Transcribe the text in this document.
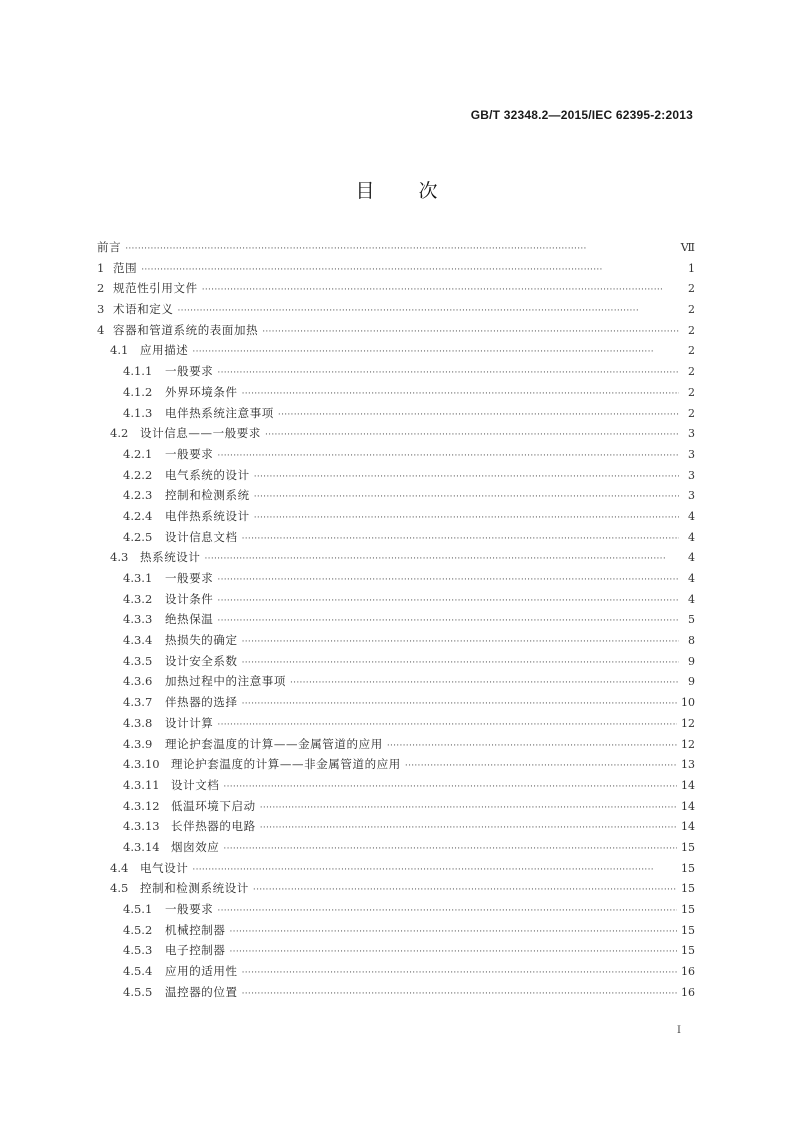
GB/T 32348.2—2015/IEC 62395-2:2013
目次
前言 ·····	Ⅶ
1 范围 ·····	1
2 规范性引用文件 ·····	2
3 术语和定义 ·····	2
4 容器和管道系统的表面加热 ·····	2
4.1	应用描述 ·····	2
4.1.1	一般要求 ·····	2
4.1.2	外界环境条件 ·····	2
4.1.3	电伴热系统注意事项 ·····	2
4.2	设计信息——一般要求 ·····	3
4.2.1	一般要求 ·····	3
4.2.2	电气系统的设计 ·····	3
4.2.3	控制和检测系统 ·····	3
4.2.4	电伴热系统设计 ·····	4
4.2.5	设计信息文档 ·····	4
4.3	热系统设计 ·····	4
4.3.1	一般要求 ·····	4
4.3.2	设计条件 ·····	4
4.3.3	绝热保温 ·····	5
4.3.4	热损失的确定 ·····	8
4.3.5	设计安全系数 ·····	9
4.3.6	加热过程中的注意事项 ·····	9
4.3.7	伴热器的选择 ·····	10
4.3.8	设计计算 ·····	12
4.3.9	理论护套温度的计算——金属管道的应用 ·····	12
4.3.10 理论护套温度的计算——非金属管道的应用 ·····	13
4.3.11 设计文档 ·····	14
4.3.12 低温环境下启动 ·····	14
4.3.13 长伴热器的电路 ·····	14
4.3.14 烟囱效应 ·····	15
4.4	电气设计 ·····	15
4.5	控制和检测系统设计 ·····	15
4.5.1	一般要求 ·····	15
4.5.2	机械控制器 ·····	15
4.5.3	电子控制器 ·····	15
4.5.4	应用的适用性 ·····	16
4.5.5	温控器的位置 ·····	16
Ⅰ
